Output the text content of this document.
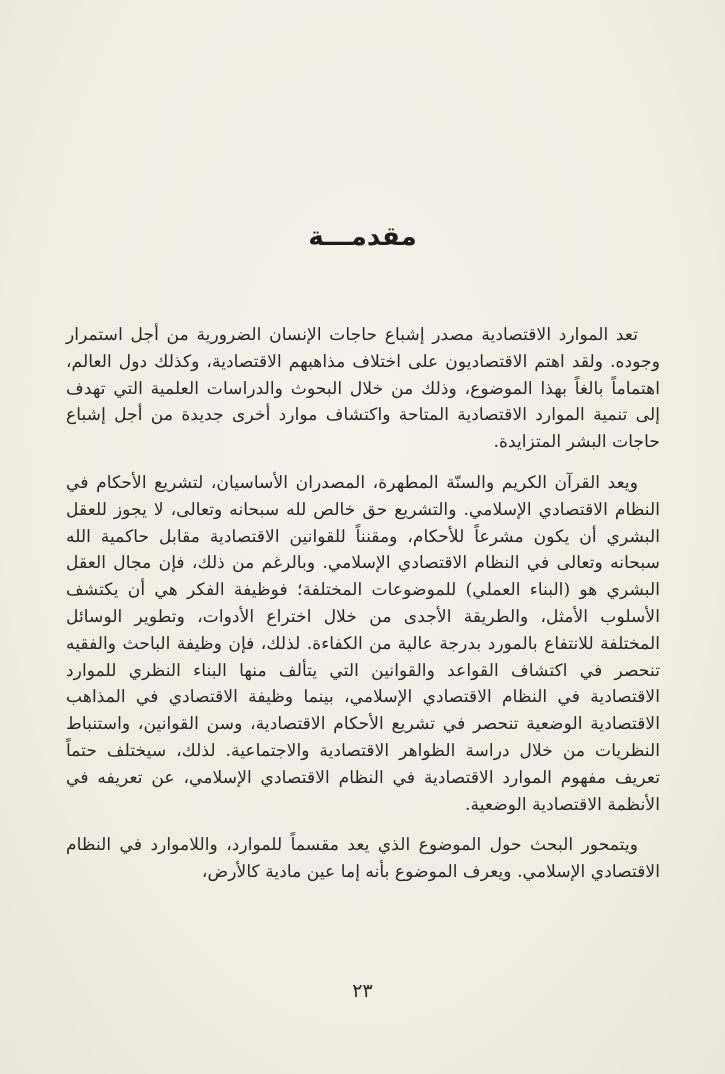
مقدمـــة

تعد الموارد الاقتصادية مصدر إشباع حاجات الإنسان الضرورية من أجل استمرار وجوده. ولقد اهتم الاقتصاديون على اختلاف مذاهبهم الاقتصادية، وكذلك دول العالم، اهتماماً بالغاً بهذا الموضوع، وذلك من خلال البحوث والدراسات العلمية التي تهدف إلى تنمية الموارد الاقتصادية المتاحة واكتشاف موارد أخرى جديدة من أجل إشباع حاجات البشر المتزايدة.

ويعد القرآن الكريم والسنّة المطهرة، المصدران الأساسيان، لتشريع الأحكام في النظام الاقتصادي الإسلامي. والتشريع حق خالص لله سبحانه وتعالى، لا يجوز للعقل البشري أن يكون مشرعاً للأحكام، ومقنناً للقوانين الاقتصادية مقابل حاكمية الله سبحانه وتعالى في النظام الاقتصادي الإسلامي. وبالرغم من ذلك، فإن مجال العقل البشري هو (البناء العملي) للموضوعات المختلفة؛ فوظيفة الفكر هي أن يكتشف الأسلوب الأمثل، والطريقة الأجدى من خلال اختراع الأدوات، وتطوير الوسائل المختلفة للانتفاع بالمورد بدرجة عالية من الكفاءة. لذلك، فإن وظيفة الباحث والفقيه تنحصر في اكتشاف القواعد والقوانين التي يتألف منها البناء النظري للموارد الاقتصادية في النظام الاقتصادي الإسلامي، بينما وظيفة الاقتصادي في المذاهب الاقتصادية الوضعية تنحصر في تشريع الأحكام الاقتصادية، وسن القوانين، واستنباط النظريات من خلال دراسة الظواهر الاقتصادية والاجتماعية. لذلك، سيختلف حتماً تعريف مفهوم الموارد الاقتصادية في النظام الاقتصادي الإسلامي، عن تعريفه في الأنظمة الاقتصادية الوضعية.

ويتمحور البحث حول الموضوع الذي يعد مقسماً للموارد، واللاموارد في النظام الاقتصادي الإسلامي. ويعرف الموضوع بأنه إما عين مادية كالأرض،

٢٣
